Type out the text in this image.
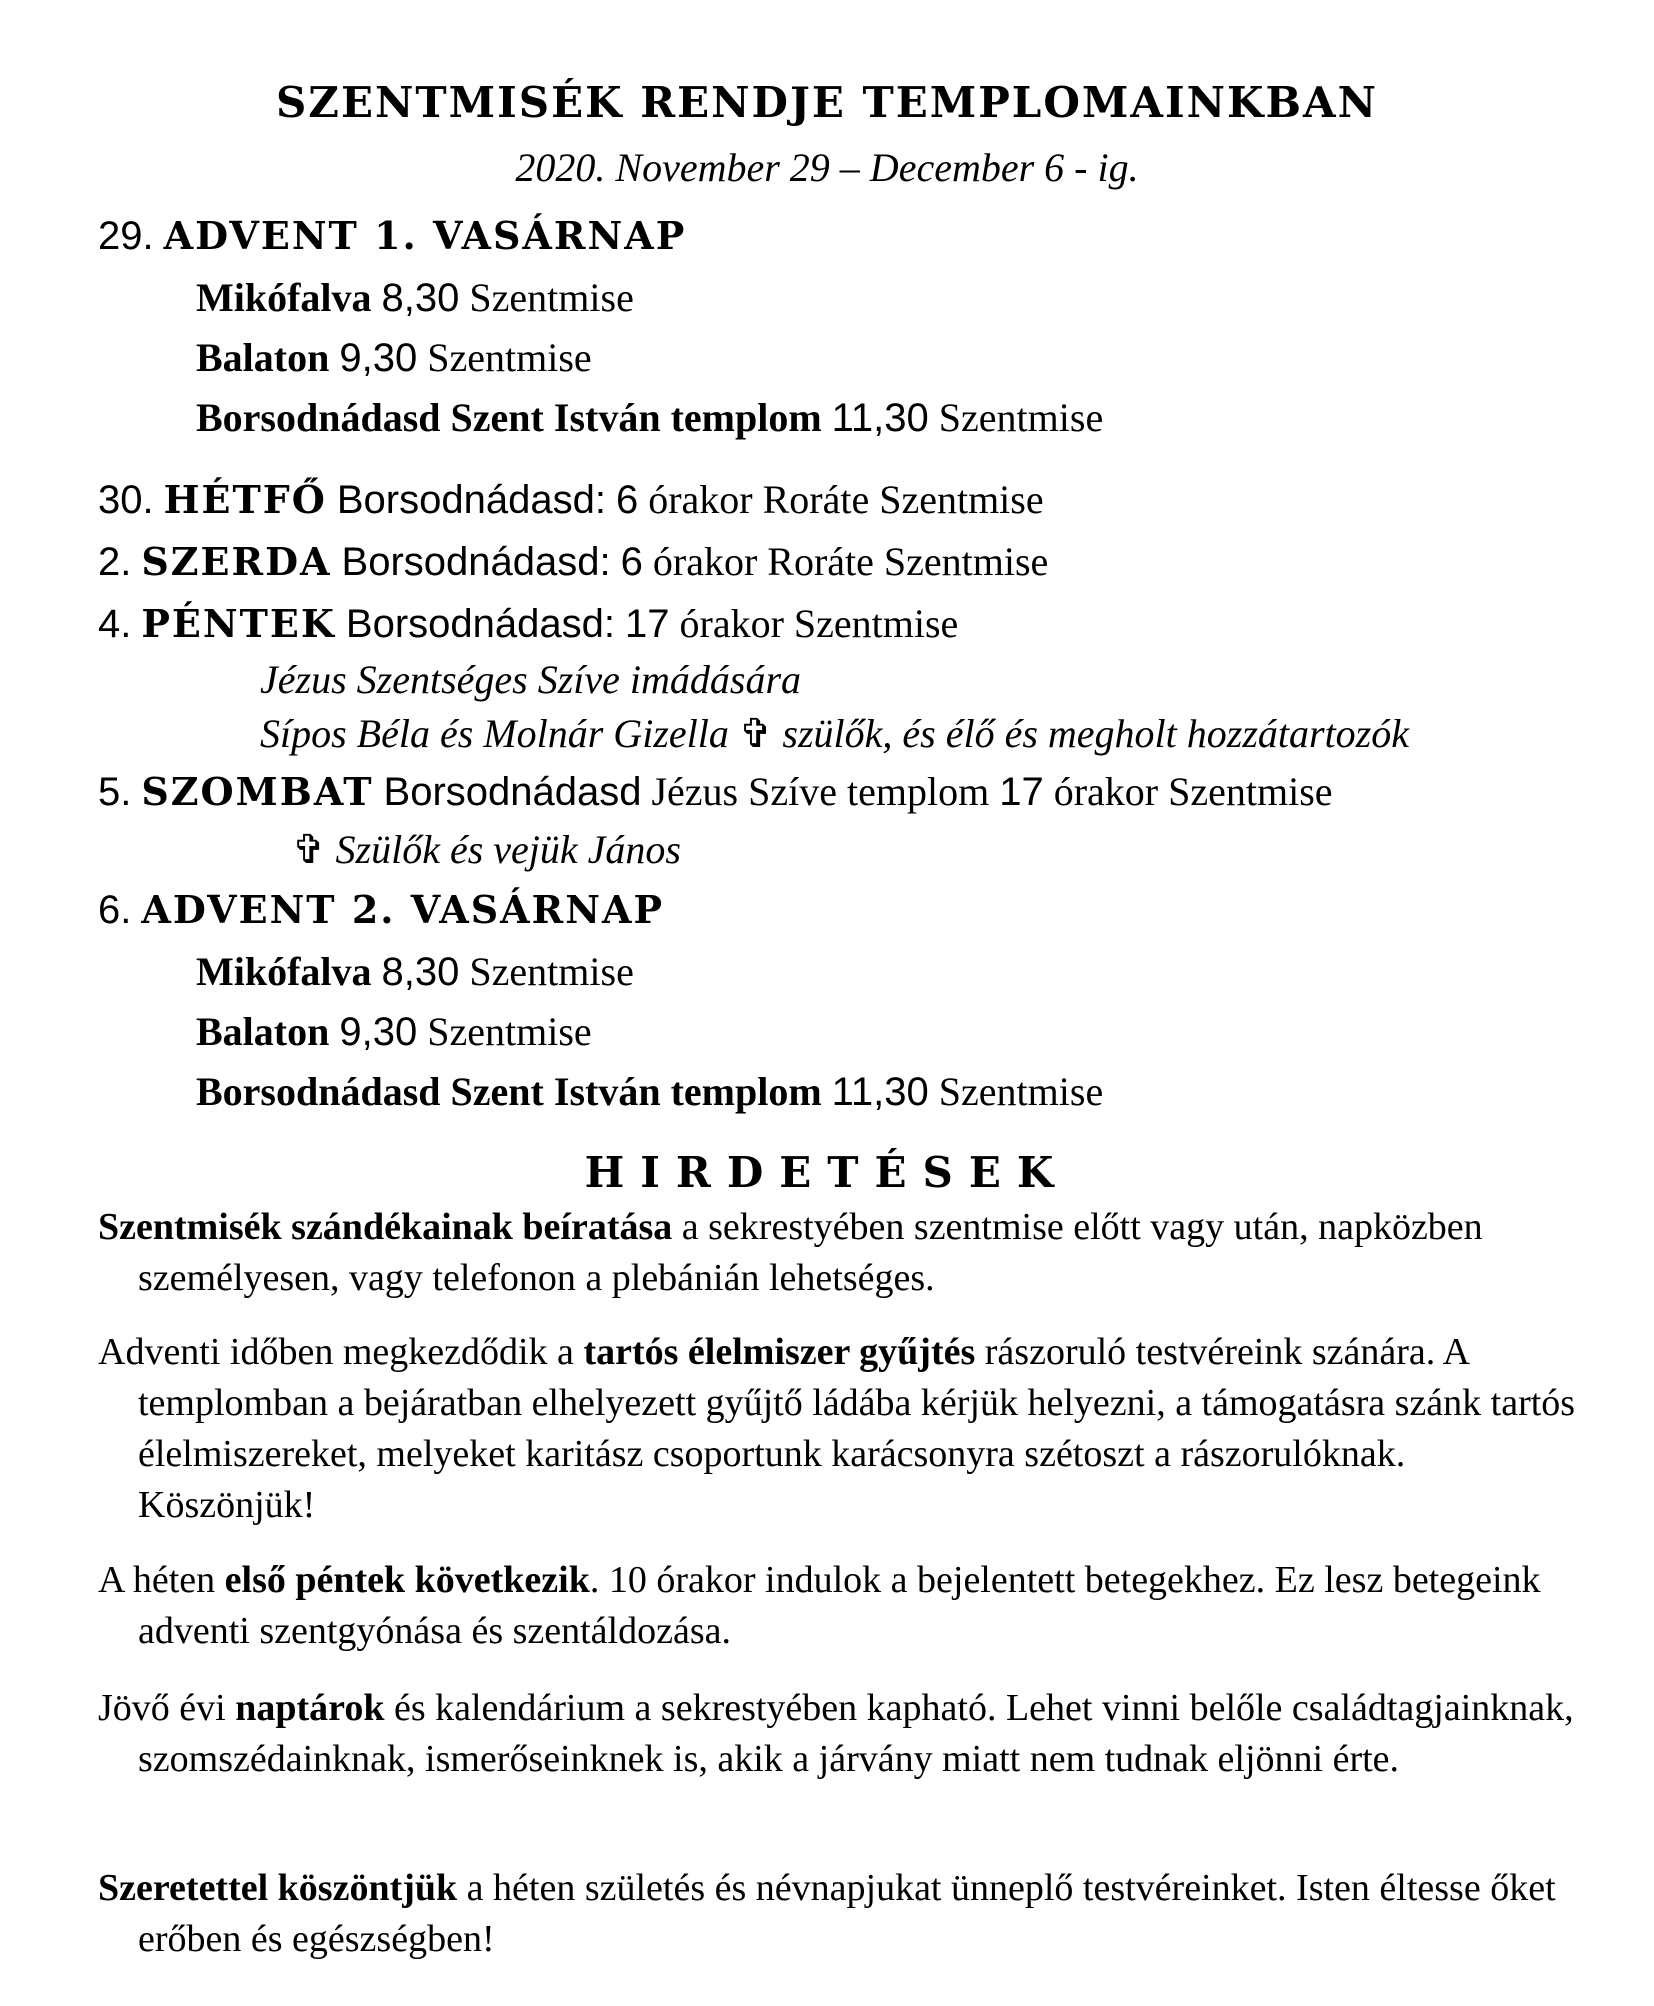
SZENTMISÉK RENDJE TEMPLOMAINKBAN
2020. November 29 – December 6 - ig.
29. ADVENT 1. VASÁRNAP
Mikófalva 8,30 Szentmise
Balaton 9,30 Szentmise
Borsodnádasd Szent István templom 11,30 Szentmise
30. HÉTFŐ Borsodnádasd: 6 órakor Roráte Szentmise
2. SZERDA Borsodnádasd: 6 órakor Roráte Szentmise
4. PÉNTEK Borsodnádasd: 17 órakor Szentmise
Jézus Szentséges Szíve imádására
Sípos Béla és Molnár Gizella ✞ szülők, és élő és megholt hozzátartozók
5. SZOMBAT Borsodnádasd Jézus Szíve templom 17 órakor Szentmise
✞ Szülők és vejük János
6. ADVENT 2. VASÁRNAP
Mikófalva 8,30 Szentmise
Balaton 9,30 Szentmise
Borsodnádasd Szent István templom 11,30 Szentmise
HIRDETÉSEK
Szentmisék szándékainak beíratása a sekrestyében szentmise előtt vagy után, napközben személyesen, vagy telefonon a plebánián lehetséges.
Adventi időben megkezdődik a tartós élelmiszer gyűjtés rászoruló testvéreink szánára. A templomban a bejáratban elhelyezett gyűjtő ládába kérjük helyezni, a támogatásra szánk tartós élelmiszereket, melyeket karitász csoportunk karácsonyra szétoszt a rászorulóknak. Köszönjük!
A héten első péntek következik. 10 órakor indulok a bejelentett betegekhez. Ez lesz betegeink adventi szentgyónása és szentáldozása.
Jövő évi naptárok és kalendárium a sekrestyében kapható. Lehet vinni belőle családtagjainknak, szomszédainknak, ismerőseinknek is, akik a járvány miatt nem tudnak eljönni érte.
Szeretettel köszöntjük a héten születés és névnapjukat ünneplő testvéreinket. Isten éltesse őket erőben és egészségben!
